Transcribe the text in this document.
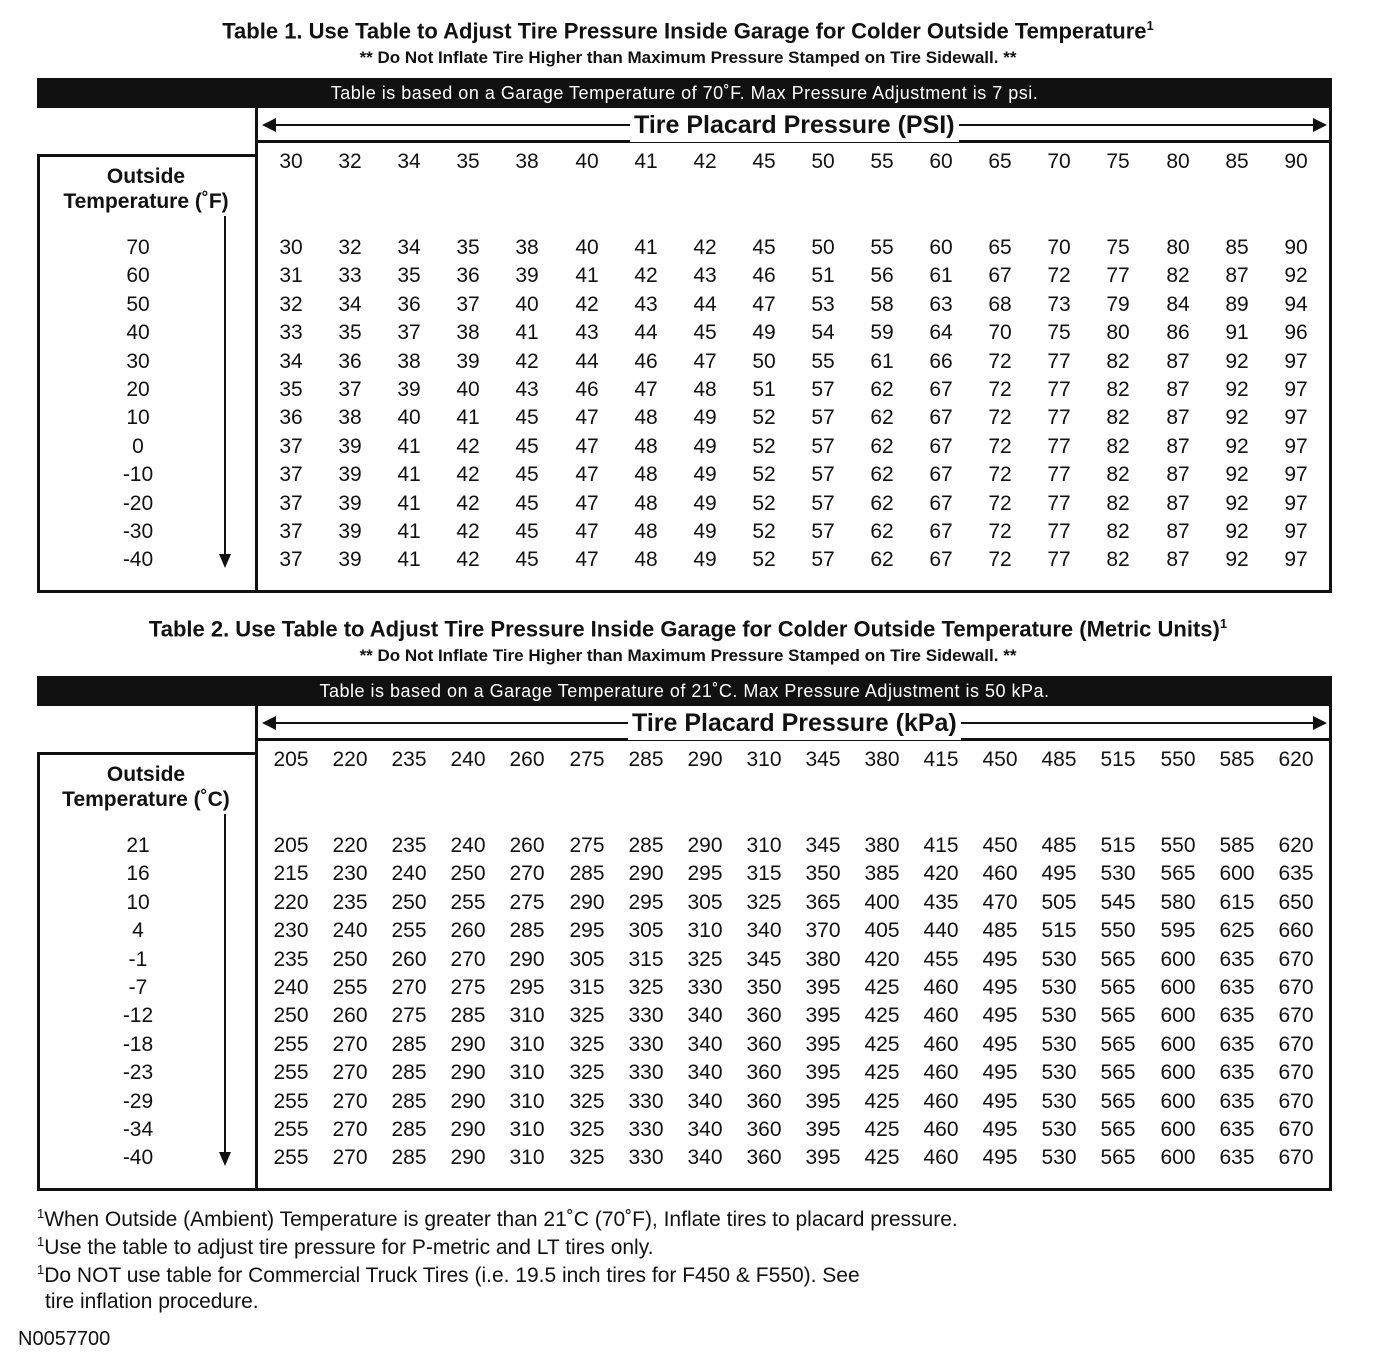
Table 1. Use Table to Adjust Tire Pressure Inside Garage for Colder Outside Temperature$^1$
** Do Not Inflate Tire Higher than Maximum Pressure Stamped on Tire Sidewall. **
Table is based on a Garage Temperature of 70˚F. Max Pressure Adjustment is 7 psi.
Tire Placard Pressure (PSI)
30	32	34	35	38	40	41	42	45	50	55	60	65	70	75	80	85	90
Outside
Temperature (˚F)
70	30	32	34	35	38	40	41	42	45	50	55	60	65	70	75	80	85	90
60	31	33	35	36	39	41	42	43	46	51	56	61	67	72	77	82	87	92
50	32	34	36	37	40	42	43	44	47	53	58	63	68	73	79	84	89	94
40	33	35	37	38	41	43	44	45	49	54	59	64	70	75	80	86	91	96
30	34	36	38	39	42	44	46	47	50	55	61	66	72	77	82	87	92	97
20	35	37	39	40	43	46	47	48	51	57	62	67	72	77	82	87	92	97
10	36	38	40	41	45	47	48	49	52	57	62	67	72	77	82	87	92	97
0	37	39	41	42	45	47	48	49	52	57	62	67	72	77	82	87	92	97
-10	37	39	41	42	45	47	48	49	52	57	62	67	72	77	82	87	92	97
-20	37	39	41	42	45	47	48	49	52	57	62	67	72	77	82	87	92	97
-30	37	39	41	42	45	47	48	49	52	57	62	67	72	77	82	87	92	97
-40	37	39	41	42	45	47	48	49	52	57	62	67	72	77	82	87	92	97
Table 2. Use Table to Adjust Tire Pressure Inside Garage for Colder Outside Temperature (Metric Units)$^1$
** Do Not Inflate Tire Higher than Maximum Pressure Stamped on Tire Sidewall. **
Table is based on a Garage Temperature of 21˚C. Max Pressure Adjustment is 50 kPa.
Tire Placard Pressure (kPa)
205	220	235	240	260	275	285	290	310	345	380	415	450	485	515	550	585	620
Outside
Temperature (˚C)
21	205	220	235	240	260	275	285	290	310	345	380	415	450	485	515	550	585	620
16	215	230	240	250	270	285	290	295	315	350	385	420	460	495	530	565	600	635
10	220	235	250	255	275	290	295	305	325	365	400	435	470	505	545	580	615	650
4	230	240	255	260	285	295	305	310	340	370	405	440	485	515	550	595	625	660
-1	235	250	260	270	290	305	315	325	345	380	420	455	495	530	565	600	635	670
-7	240	255	270	275	295	315	325	330	350	395	425	460	495	530	565	600	635	670
-12	250	260	275	285	310	325	330	340	360	395	425	460	495	530	565	600	635	670
-18	255	270	285	290	310	325	330	340	360	395	425	460	495	530	565	600	635	670
-23	255	270	285	290	310	325	330	340	360	395	425	460	495	530	565	600	635	670
-29	255	270	285	290	310	325	330	340	360	395	425	460	495	530	565	600	635	670
-34	255	270	285	290	310	325	330	340	360	395	425	460	495	530	565	600	635	670
-40	255	270	285	290	310	325	330	340	360	395	425	460	495	530	565	600	635	670
$^1$When Outside (Ambient) Temperature is greater than 21˚C (70˚F), Inflate tires to placard pressure.
$^1$Use the table to adjust tire pressure for P-metric and LT tires only.
$^1$Do NOT use table for Commercial Truck Tires (i.e. 19.5 inch tires for F450 & F550). See
tire inflation procedure.
N0057700
